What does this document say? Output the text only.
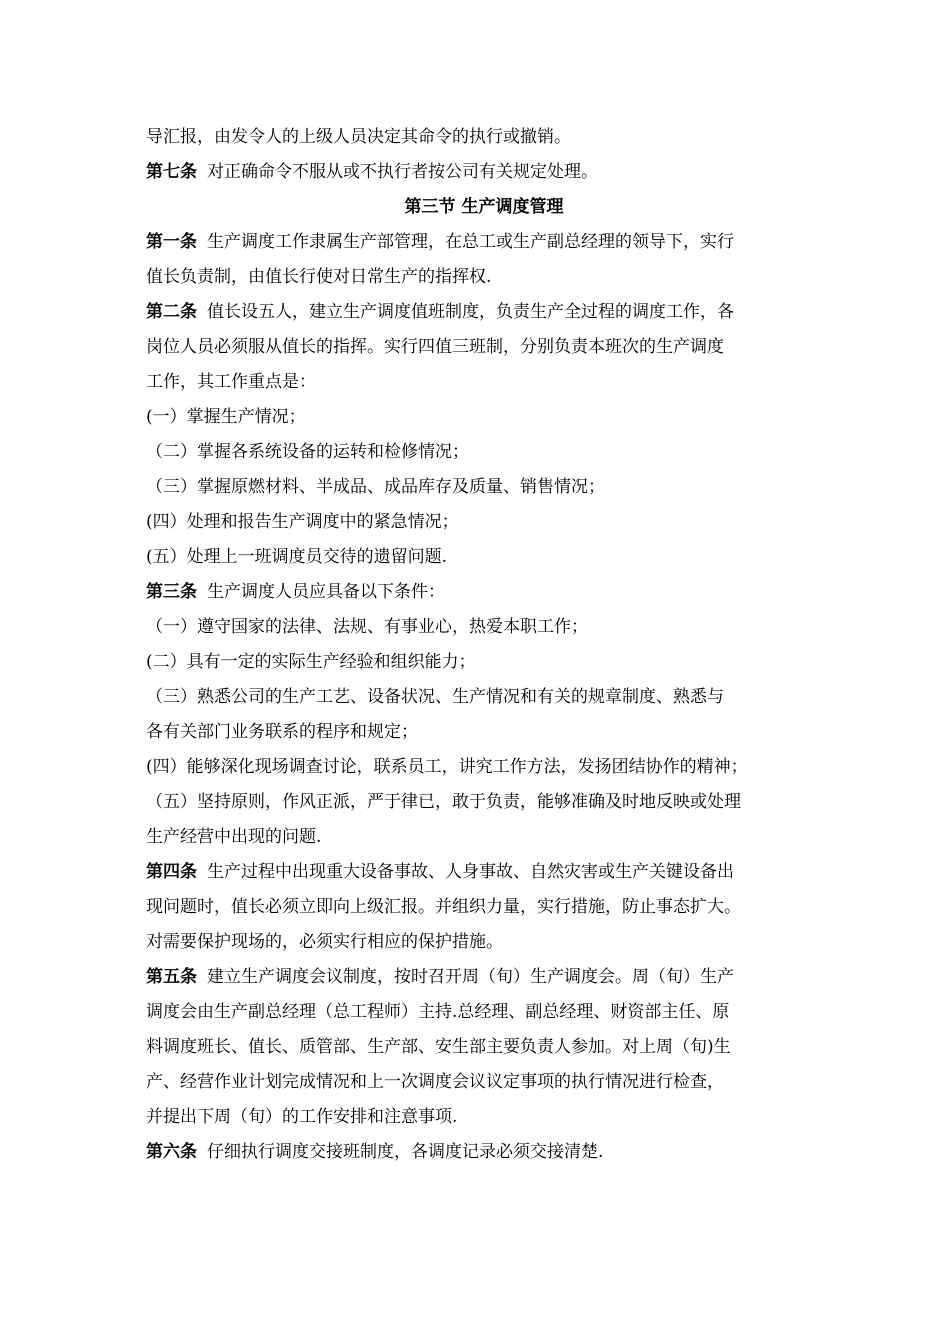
导汇报，由发令人的上级人员决定其命令的执行或撤销。
第七条 对正确命令不服从或不执行者按公司有关规定处理。
第三节 生产调度管理
第一条 生产调度工作隶属生产部管理，在总工或生产副总经理的领导下，实行
值长负责制，由值长行使对日常生产的指挥权.
第二条 值长设五人，建立生产调度值班制度，负责生产全过程的调度工作，各
岗位人员必须服从值长的指挥。实行四值三班制，分别负责本班次的生产调度
工作，其工作重点是：
(一）掌握生产情况；
（二）掌握各系统设备的运转和检修情况；
（三）掌握原燃材料、半成品、成品库存及质量、销售情况；
(四）处理和报告生产调度中的紧急情况；
(五）处理上一班调度员交待的遗留问题.
第三条 生产调度人员应具备以下条件：
（一）遵守国家的法律、法规、有事业心，热爱本职工作；
(二）具有一定的实际生产经验和组织能力；
（三）熟悉公司的生产工艺、设备状况、生产情况和有关的规章制度、熟悉与
各有关部门业务联系的程序和规定；
(四）能够深化现场调查讨论，联系员工，讲究工作方法，发扬团结协作的精神；
（五）坚持原则，作风正派，严于律已，敢于负责，能够准确及时地反映或处理
生产经营中出现的问题.
第四条 生产过程中出现重大设备事故、人身事故、自然灾害或生产关键设备出
现问题时，值长必须立即向上级汇报。并组织力量，实行措施，防止事态扩大。
对需要保护现场的，必须实行相应的保护措施。
第五条 建立生产调度会议制度，按时召开周（旬）生产调度会。周（旬）生产
调度会由生产副总经理（总工程师）主持.总经理、副总经理、财资部主任、原
料调度班长、值长、质管部、生产部、安生部主要负责人参加。对上周（旬)生
产、经营作业计划完成情况和上一次调度会议议定事项的执行情况进行检查，
并提出下周（旬）的工作安排和注意事项.
第六条 仔细执行调度交接班制度，各调度记录必须交接清楚.
